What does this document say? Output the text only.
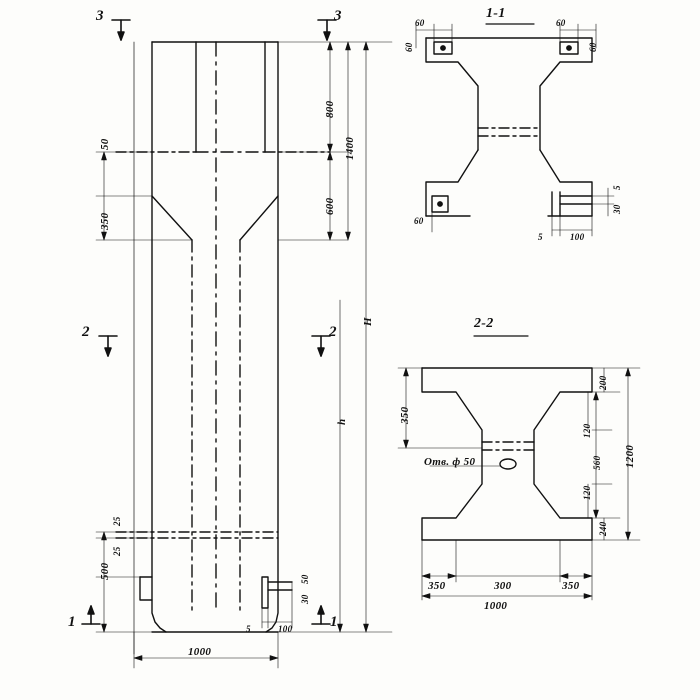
1-1
2-2
3	3
2	2
1	1
800
1400
600
350
50
H
h
500
25
25
1000
5	100
50
30
60	60
60	60
60
5	100
5
30
350
200
120
560
120
240
1200
350	300	350
1000
Отв. ф 50
